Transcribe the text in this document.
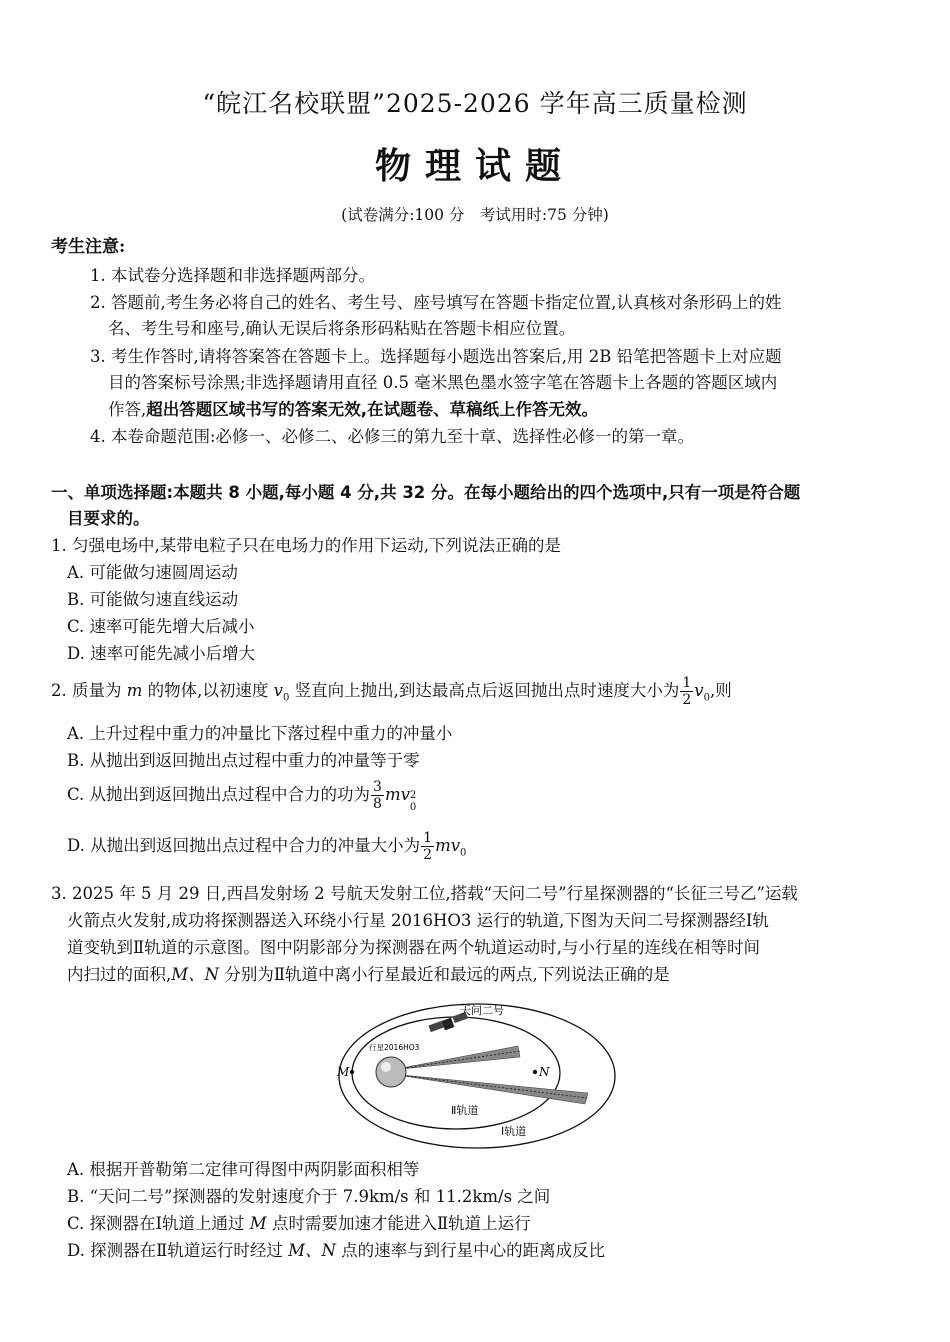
“皖江名校联盟”2025-2026 学年高三质量检测
物理试题
(试卷满分:100 分　考试用时:75 分钟)
考生注意:
1. 本试卷分选择题和非选择题两部分。
2. 答题前,考生务必将自己的姓名、考生号、座号填写在答题卡指定位置,认真核对条形码上的姓
名、考生号和座号,确认无误后将条形码粘贴在答题卡相应位置。
3. 考生作答时,请将答案答在答题卡上。选择题每小题选出答案后,用 2B 铅笔把答题卡上对应题
目的答案标号涂黑;非选择题请用直径 0.5 毫米黑色墨水签字笔在答题卡上各题的答题区域内
作答,超出答题区域书写的答案无效,在试题卷、草稿纸上作答无效。
4. 本卷命题范围:必修一、必修二、必修三的第九至十章、选择性必修一的第一章。
一、单项选择题:本题共 8 小题,每小题 4 分,共 32 分。在每小题给出的四个选项中,只有一项是符合题
目要求的。
1. 匀强电场中,某带电粒子只在电场力的作用下运动,下列说法正确的是
A. 可能做匀速圆周运动
B. 可能做匀速直线运动
C. 速率可能先增大后减小
D. 速率可能先减小后增大
2. 质量为 m 的物体,以初速度 $v_0$ 竖直向上抛出,到达最高点后返回抛出点时速度大小为 $\frac{1}{2} v_0$,则
A. 上升过程中重力的冲量比下落过程中重力的冲量小
B. 从抛出到返回抛出点过程中重力的冲量等于零
C. 从抛出到返回抛出点过程中合力的功为 $\frac{3}{8}$ mv 2
0
D. 从抛出到返回抛出点过程中合力的冲量大小为 $\frac{1}{2} mv_0$
3. 2025 年 5 月 29 日,西昌发射场 2 号航天发射工位,搭载“天问二号”行星探测器的“长征三号乙”运载
火箭点火发射,成功将探测器送入环绕小行星 2016HO3 运行的轨道,下图为天问二号探测器经Ⅰ轨
道变轨到Ⅱ轨道的示意图。图中阴影部分为探测器在两个轨道运动时,与小行星的连线在相等时间
内扫过的面积,M、N 分别为Ⅱ轨道中离小行星最近和最远的两点,下列说法正确的是
天问二号
行星2016HO3
M	N
Ⅱ轨道
Ⅰ轨道
A. 根据开普勒第二定律可得图中两阴影面积相等
B. “天问二号”探测器的发射速度介于 7.9km/s 和 11.2km/s 之间
C. 探测器在Ⅰ轨道上通过 M 点时需要加速才能进入Ⅱ轨道上运行
D. 探测器在Ⅱ轨道运行时经过 M、N 点的速率与到行星中心的距离成反比
